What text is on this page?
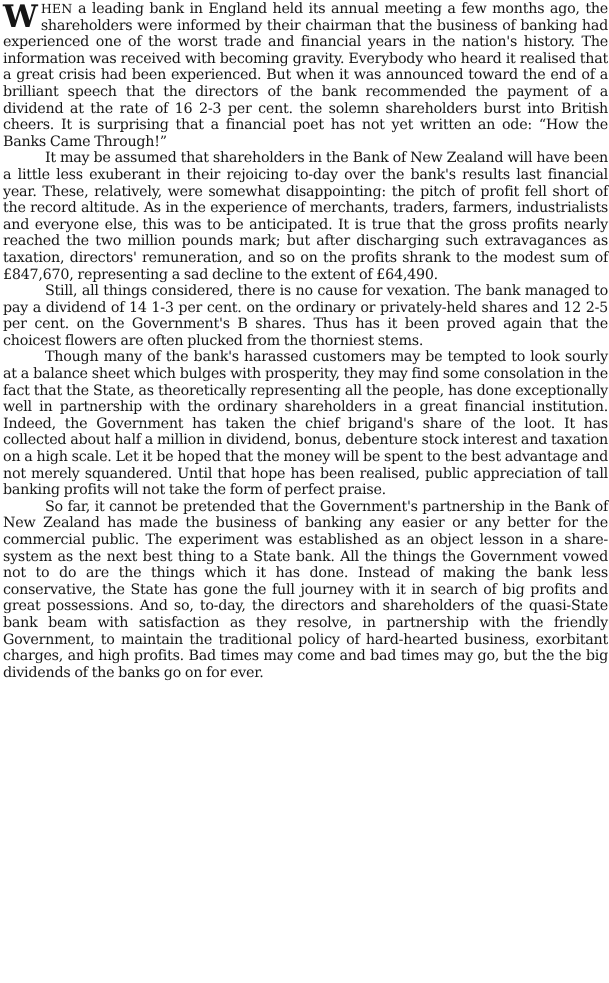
WHEN a leading bank in England held its annual meeting a few months ago, the shareholders were informed by their chairman that the business of banking had experienced one of the worst trade and financial years in the nation's history. The information was received with becoming gravity. Everybody who heard it realised that a great crisis had been experienced. But when it was announced toward the end of a brilliant speech that the directors of the bank recommended the payment of a dividend at the rate of 16 2-3 per cent. the solemn shareholders burst into British cheers. It is surprising that a financial poet has not yet written an ode: “How the Banks Came Through!”

It may be assumed that shareholders in the Bank of New Zealand will have been a little less exuberant in their rejoicing to-day over the bank's results last financial year. These, relatively, were somewhat disappointing: the pitch of profit fell short of the record altitude. As in the experience of merchants, traders, farmers, industrialists and everyone else, this was to be anticipated. It is true that the gross profits nearly reached the two million pounds mark; but after discharging such extravagances as taxation, directors' remuneration, and so on the profits shrank to the modest sum of £847,670, representing a sad decline to the extent of £64,490.

Still, all things considered, there is no cause for vexation. The bank managed to pay a dividend of 14 1-3 per cent. on the ordinary or privately-held shares and 12 2-5 per cent. on the Government's B shares. Thus has it been proved again that the choicest flowers are often plucked from the thorniest stems.

Though many of the bank's harassed customers may be tempted to look sourly at a balance sheet which bulges with prosperity, they may find some consolation in the fact that the State, as theoretically representing all the people, has done exceptionally well in partnership with the ordinary shareholders in a great financial institution. Indeed, the Government has taken the chief brigand's share of the loot. It has collected about half a million in dividend, bonus, debenture stock interest and taxation on a high scale. Let it be hoped that the money will be spent to the best advantage and not merely squandered. Until that hope has been realised, public appreciation of tall banking profits will not take the form of perfect praise.

So far, it cannot be pretended that the Government's partnership in the Bank of New Zealand has made the business of banking any easier or any better for the commercial public. The experiment was established as an object lesson in a share-system as the next best thing to a State bank. All the things the Government vowed not to do are the things which it has done. Instead of making the bank less conservative, the State has gone the full journey with it in search of big profits and great possessions. And so, to-day, the directors and shareholders of the quasi-State bank beam with satisfaction as they resolve, in partnership with the friendly Government, to maintain the traditional policy of hard-hearted business, exorbitant charges, and high profits. Bad times may come and bad times may go, but the the big dividends of the banks go on for ever.
